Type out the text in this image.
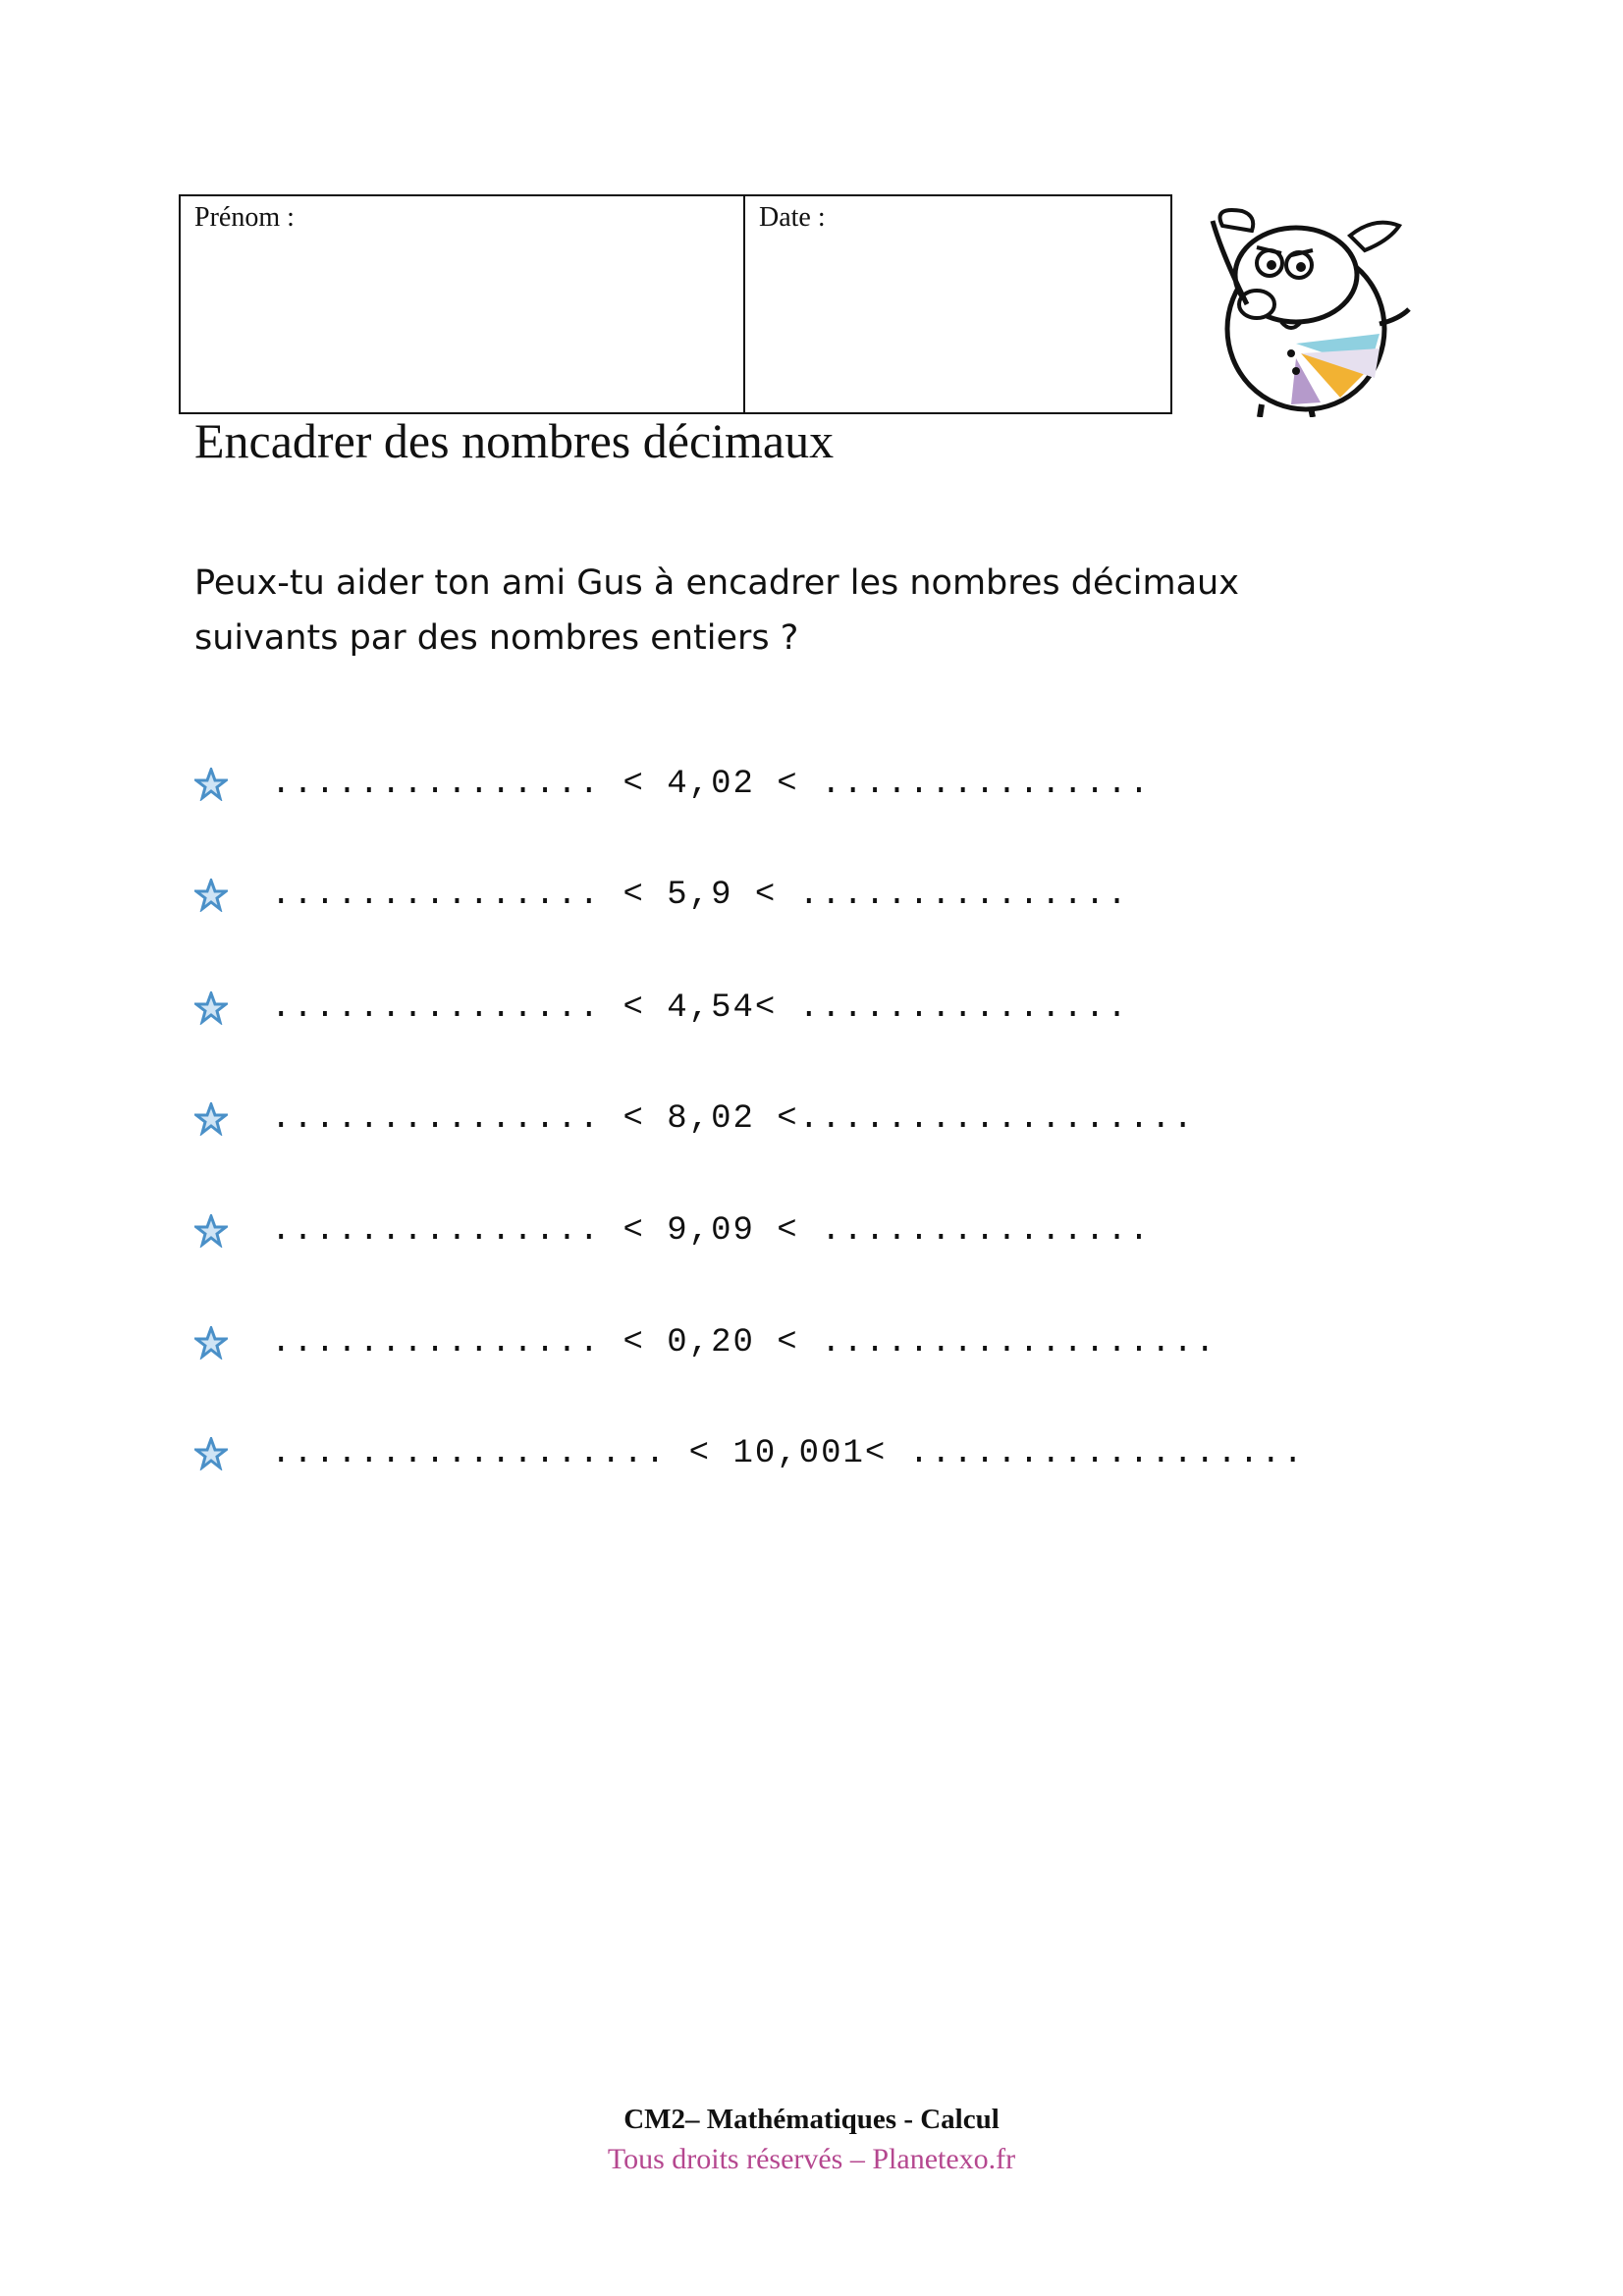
Prénom :	Date :
Encadrer des nombres décimaux
Peux-tu aider ton ami Gus à encadrer les nombres décimaux
suivants par des nombres entiers ?
............... < 4,02 < ...............
............... < 5,9 < ...............
............... < 4,54< ...............
............... < 8,02 <..................
............... < 9,09 < ...............
............... < 0,20 < ..................
.................. < 10,001< ..................
CM2– Mathématiques - Calcul
Tous droits réservés – Planetexo.fr
